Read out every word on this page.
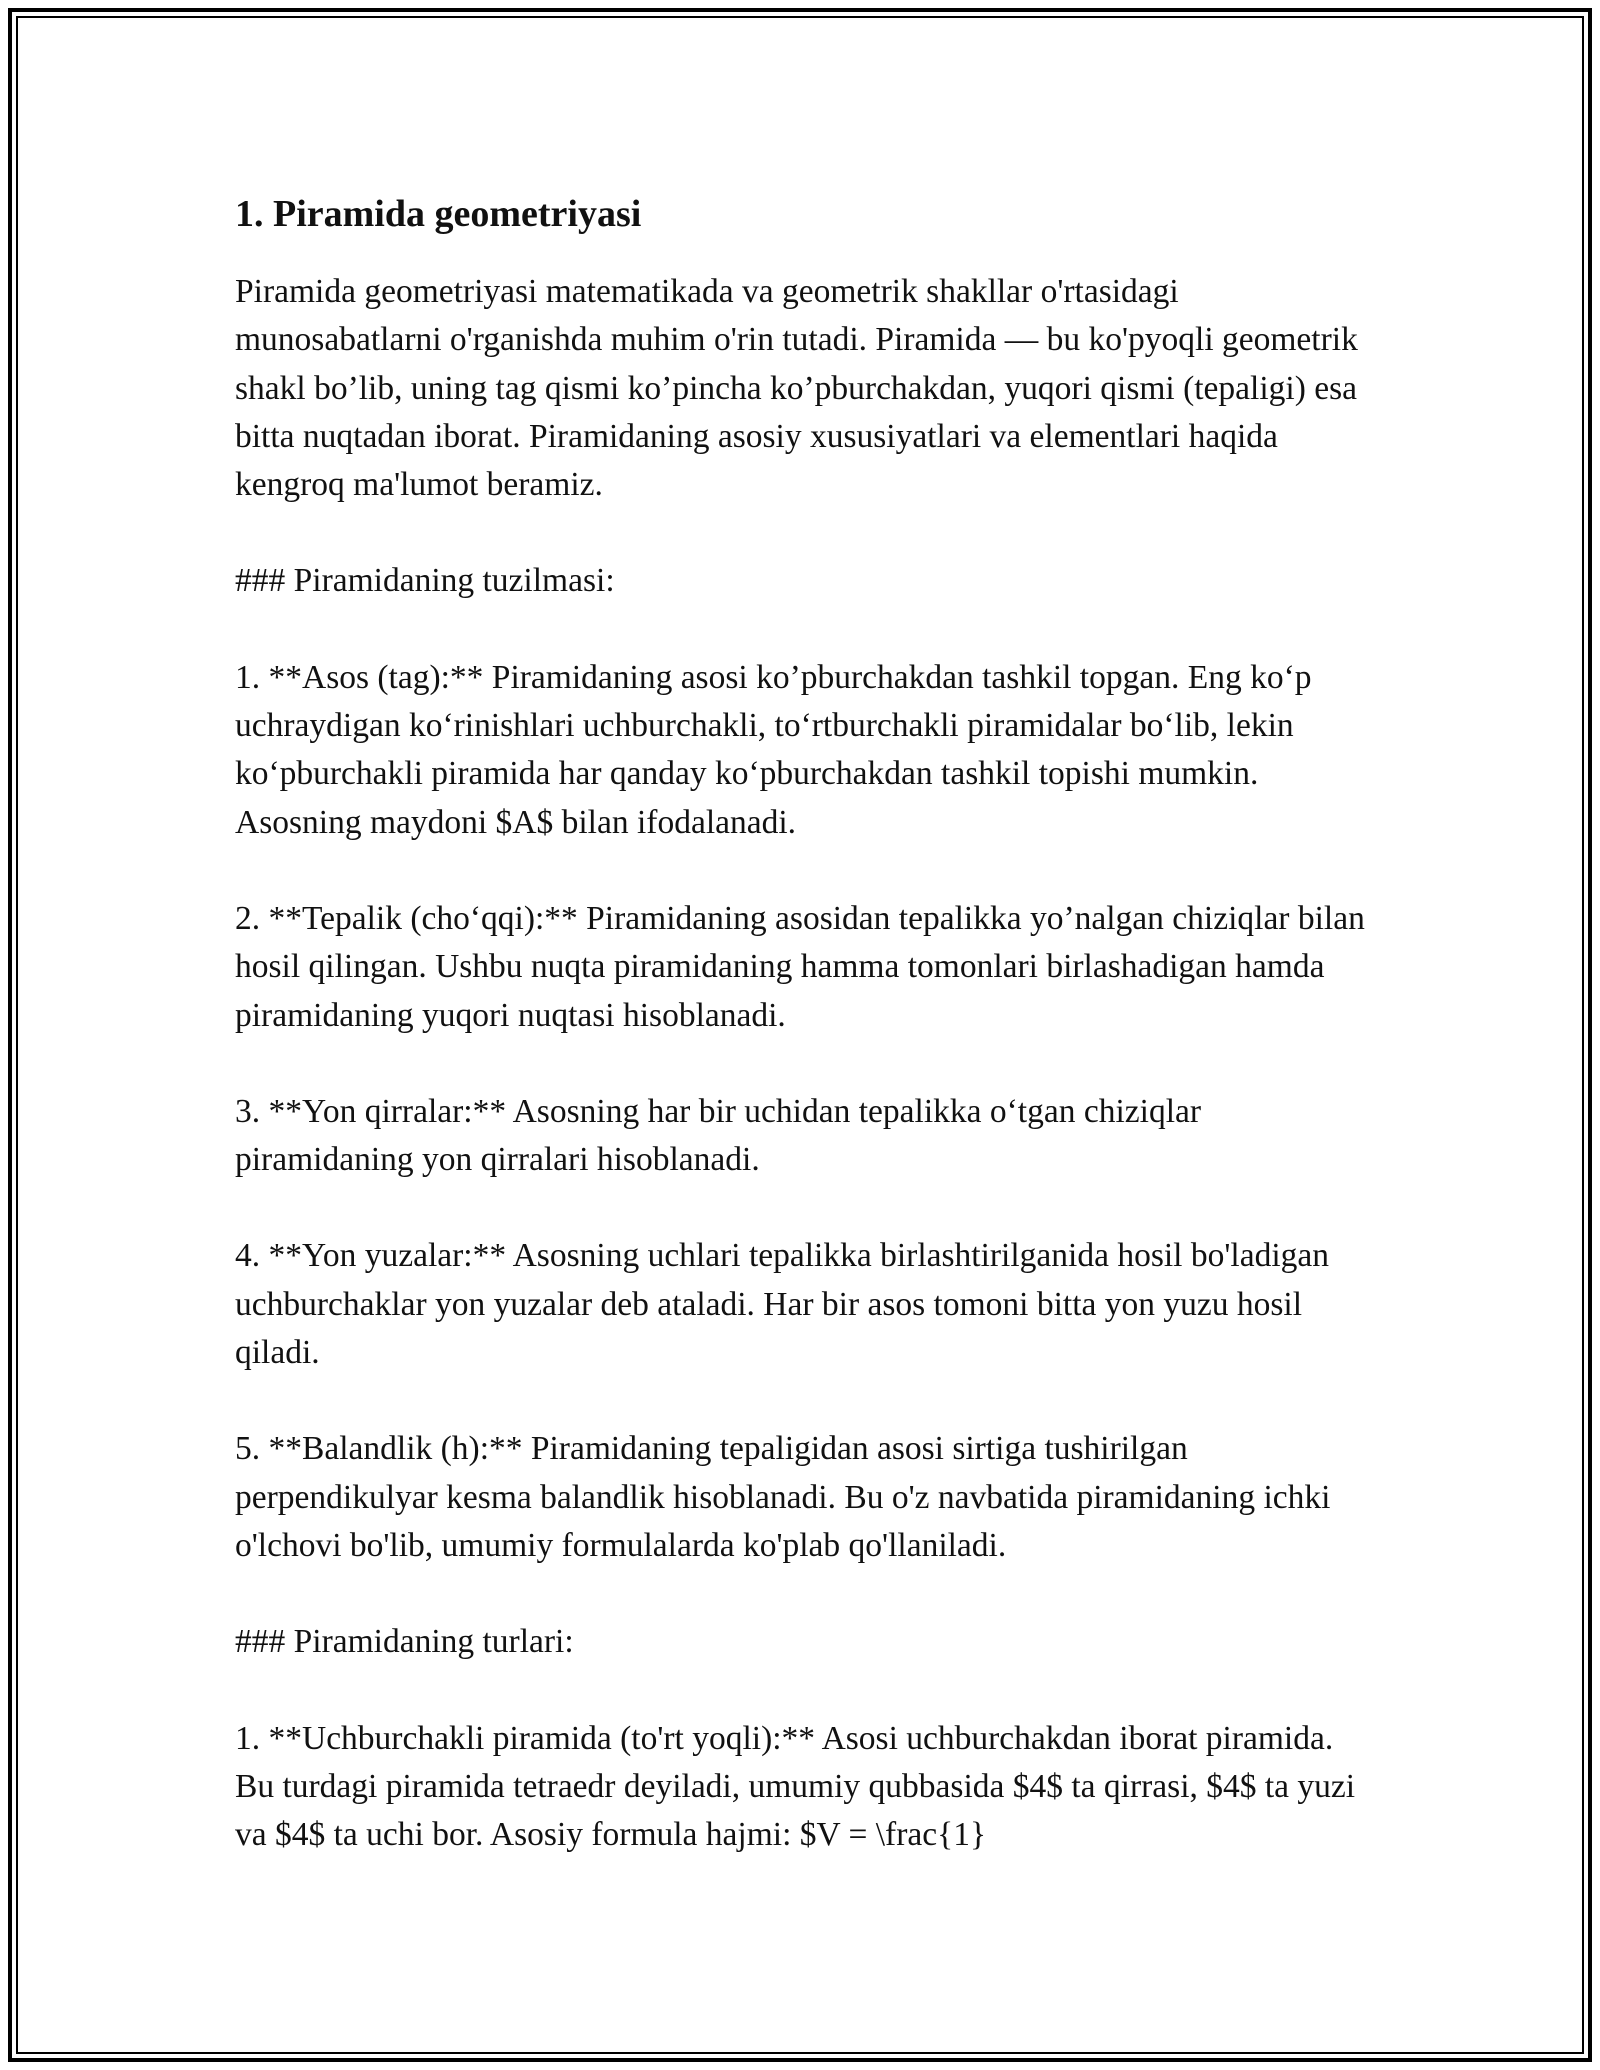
1. Piramida geometriyasi

Piramida geometriyasi matematikada va geometrik shakllar o'rtasidagi munosabatlarni o'rganishda muhim o'rin tutadi. Piramida — bu ko'pyoqli geometrik shakl bo’lib, uning tag qismi ko’pincha ko’pburchakdan, yuqori qismi (tepaligi) esa bitta nuqtadan iborat. Piramidaning asosiy xususiyatlari va elementlari haqida kengroq ma'lumot beramiz.

### Piramidaning tuzilmasi:

1. **Asos (tag):** Piramidaning asosi ko’pburchakdan tashkil topgan. Eng ko‘p uchraydigan ko‘rinishlari uchburchakli, to‘rtburchakli piramidalar bo‘lib, lekin ko‘pburchakli piramida har qanday ko‘pburchakdan tashkil topishi mumkin. Asosning maydoni $A$ bilan ifodalanadi.

2. **Tepalik (cho‘qqi):** Piramidaning asosidan tepalikka yo’nalgan chiziqlar bilan hosil qilingan. Ushbu nuqta piramidaning hamma tomonlari birlashadigan hamda piramidaning yuqori nuqtasi hisoblanadi.

3. **Yon qirralar:** Asosning har bir uchidan tepalikka o‘tgan chiziqlar piramidaning yon qirralari hisoblanadi.

4. **Yon yuzalar:** Asosning uchlari tepalikka birlashtirilganida hosil bo'ladigan uchburchaklar yon yuzalar deb ataladi. Har bir asos tomoni bitta yon yuzu hosil qiladi.

5. **Balandlik (h):** Piramidaning tepaligidan asosi sirtiga tushirilgan perpendikulyar kesma balandlik hisoblanadi. Bu o'z navbatida piramidaning ichki o'lchovi bo'lib, umumiy formulalarda ko'plab qo'llaniladi.

### Piramidaning turlari:

1. **Uchburchakli piramida (to'rt yoqli):** Asosi uchburchakdan iborat piramida. Bu turdagi piramida tetraedr deyiladi, umumiy qubbasida $4$ ta qirrasi, $4$ ta yuzi va $4$ ta uchi bor. Asosiy formula hajmi: $V = \frac{1}
